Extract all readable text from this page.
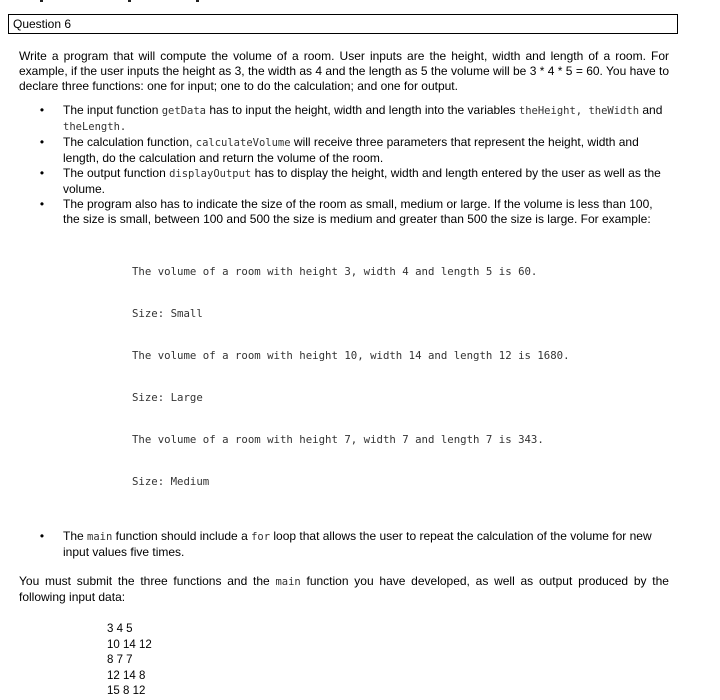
Question 6

Write a program that will compute the volume of a room. User inputs are the height, width and length of a room. For example, if the user inputs the height as 3, the width as 4 and the length as 5 the volume will be 3 * 4 * 5 = 60. You have to declare three functions: one for input; one to do the calculation; and one for output.

• The input function getData has to input the height, width and length into the variables theHeight, theWidth and theLength.
• The calculation function, calculateVolume will receive three parameters that represent the height, width and length, do the calculation and return the volume of the room.
• The output function displayOutput has to display the height, width and length entered by the user as well as the volume.
• The program also has to indicate the size of the room as small, medium or large. If the volume is less than 100, the size is small, between 100 and 500 the size is medium and greater than 500 the size is large. For example:

The volume of a room with height 3, width 4 and length 5 is 60.

Size: Small

The volume of a room with height 10, width 14 and length 12 is 1680.

Size: Large

The volume of a room with height 7, width 7 and length 7 is 343.

Size: Medium

• The main function should include a for loop that allows the user to repeat the calculation of the volume for new input values five times.

You must submit the three functions and the main function you have developed, as well as output produced by the following input data:

3 4 5
10 14 12
8 7 7
12 14 8
15 8 12
